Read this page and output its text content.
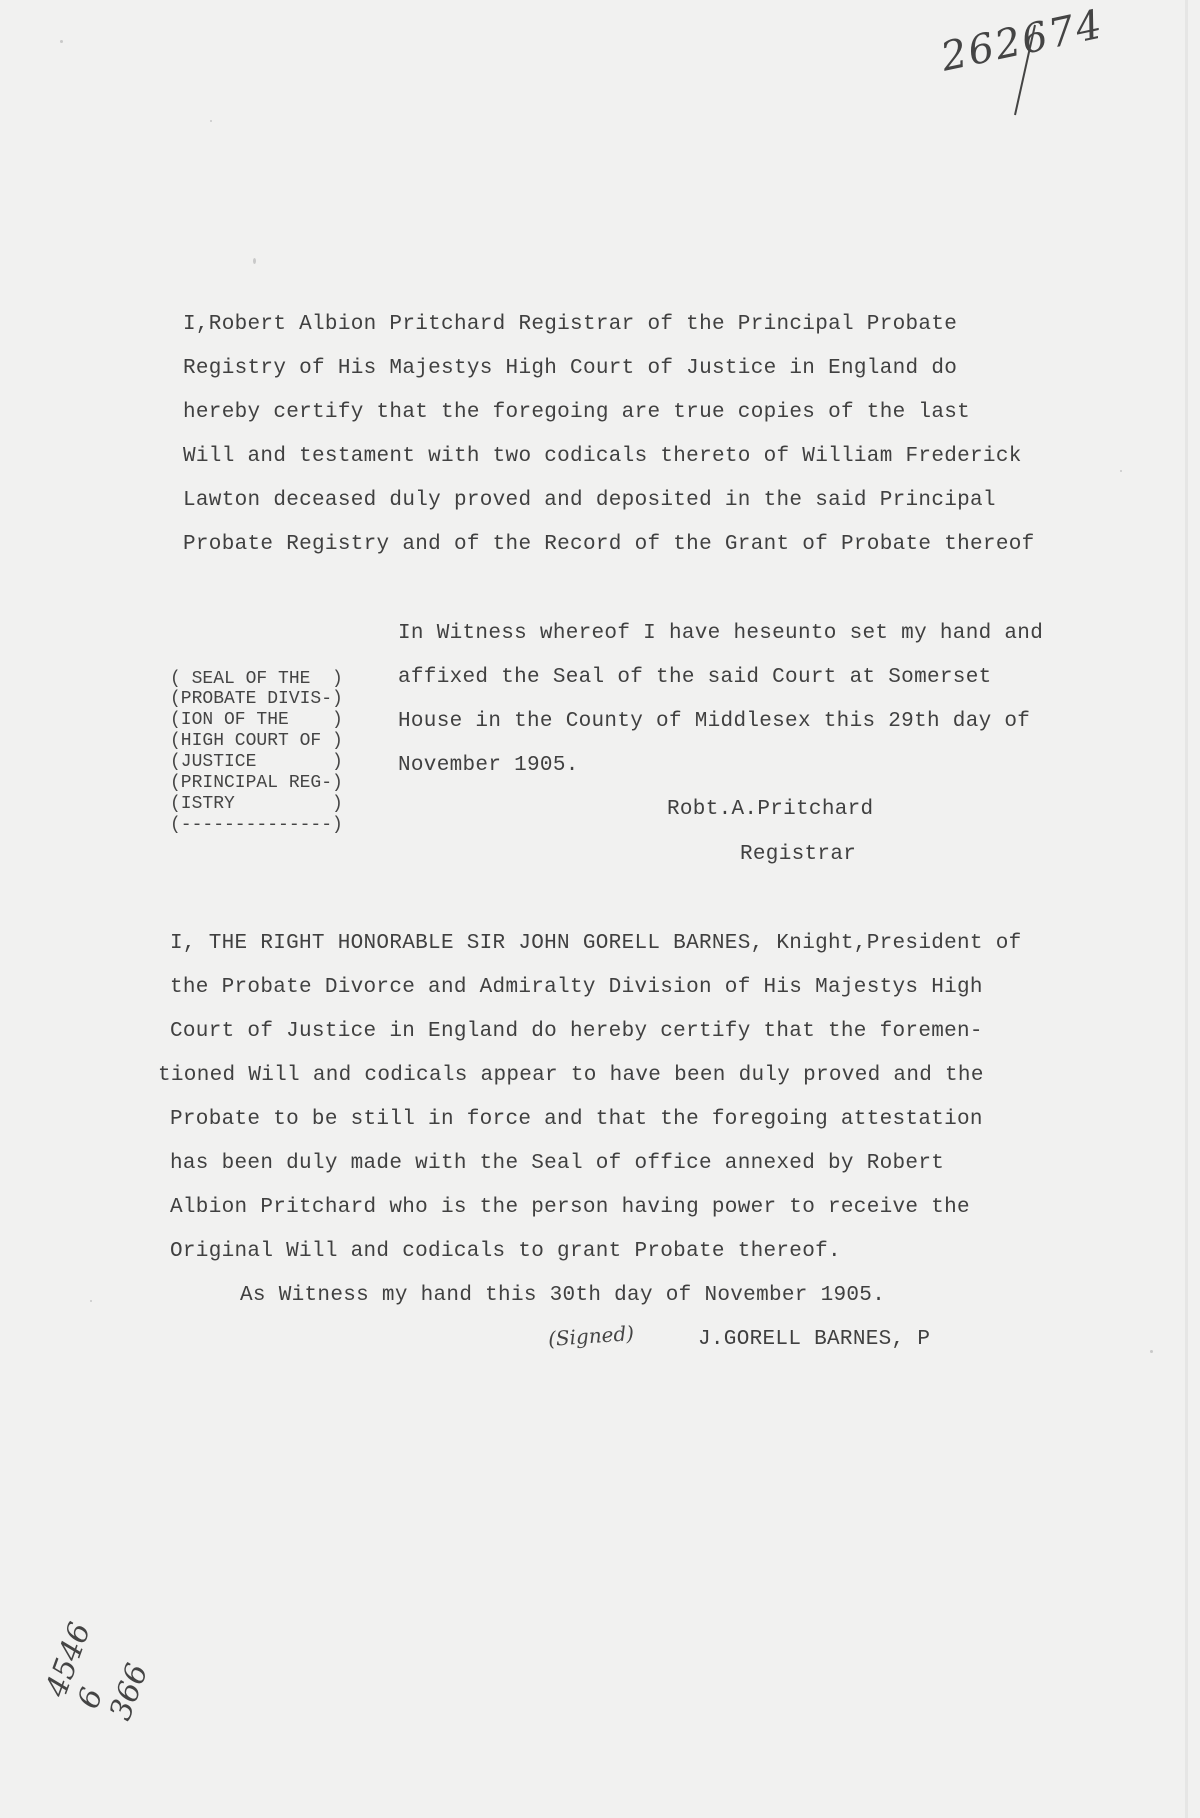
262674
I,Robert Albion Pritchard Registrar of the Principal Probate
Registry of His Majestys High Court of Justice in England do
hereby certify that the foregoing are true copies of the last
Will and testament with two codicals thereto of William Frederick
Lawton deceased duly proved and deposited in the said Principal
Probate Registry and of the Record of the Grant of Probate thereof
In Witness whereof I have heseunto set my hand and
( SEAL OF THE  )
(PROBATE DIVIS-)
(ION OF THE    )
(HIGH COURT OF )
(JUSTICE       )
(PRINCIPAL REG-)
(ISTRY         )
(--------------)
affixed the Seal of the said Court at Somerset
House in the County of Middlesex this 29th day of
November 1905.
Robt.A.Pritchard
Registrar
I, THE RIGHT HONORABLE SIR JOHN GORELL BARNES, Knight,President of
the Probate Divorce and Admiralty Division of His Majestys High
Court of Justice in England do hereby certify that the foremen-
tioned Will and codicals appear to have been duly proved and the
Probate to be still in force and that the foregoing attestation
has been duly made with the Seal of office annexed by Robert
Albion Pritchard who is the person having power to receive the
Original Will and codicals to grant Probate thereof.
As Witness my hand this 30th day of November 1905.
(Signed)	J.GORELL BARNES, P
4546 6 366
